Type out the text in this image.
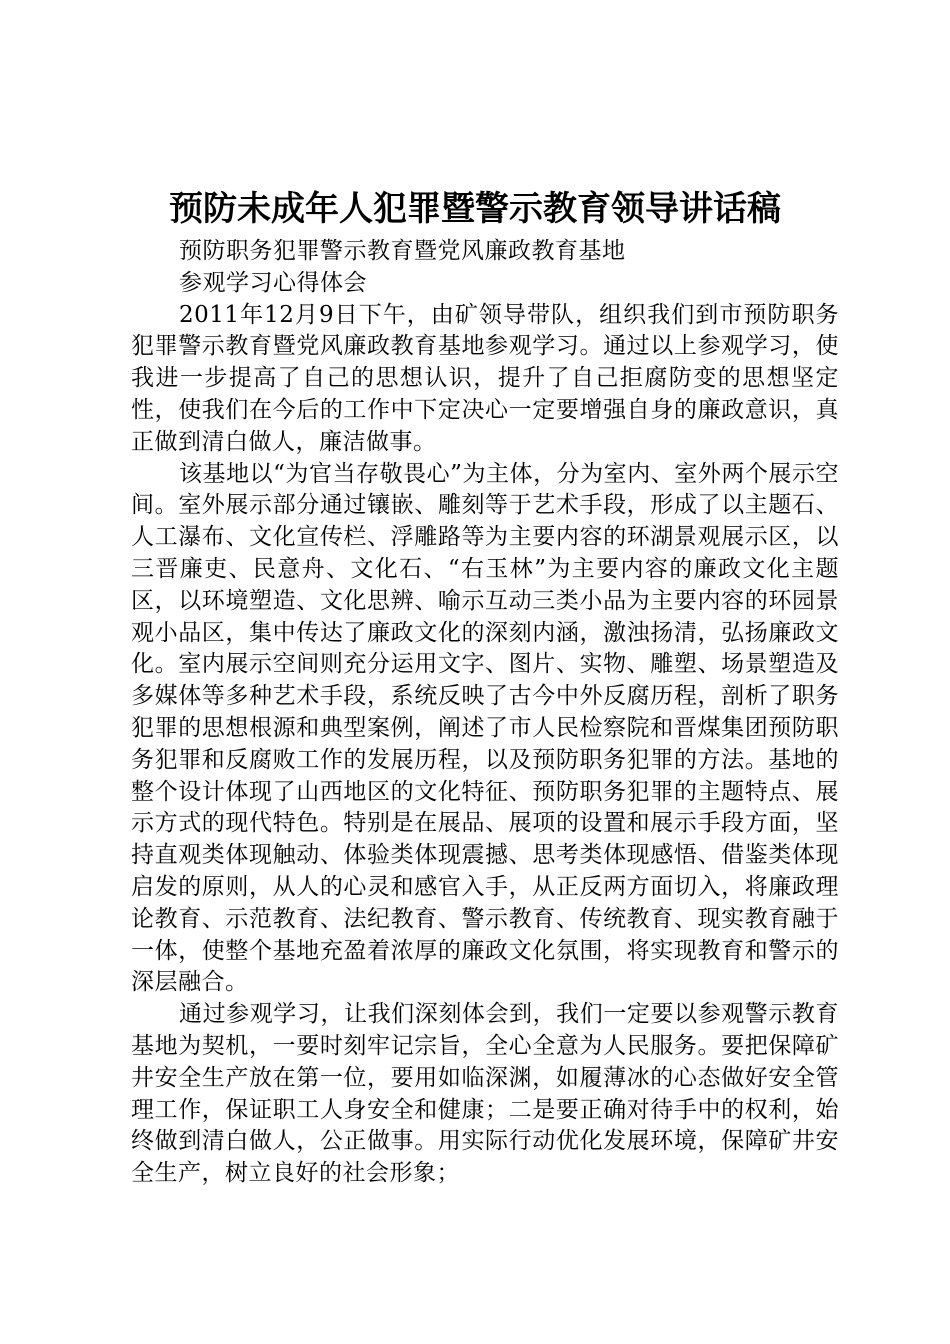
预防未成年人犯罪暨警示教育领导讲话稿
预防职务犯罪警示教育暨党风廉政教育基地
参观学习心得体会

2011年12月9日下午，由矿领导带队，组织我们到市预防职务犯罪警示教育暨党风廉政教育基地参观学习。通过以上参观学习，使我进一步提高了自己的思想认识，提升了自己拒腐防变的思想坚定性，使我们在今后的工作中下定决心一定要增强自身的廉政意识，真正做到清白做人，廉洁做事。

该基地以“为官当存敬畏心”为主体，分为室内、室外两个展示空间。室外展示部分通过镶嵌、雕刻等于艺术手段，形成了以主题石、人工瀑布、文化宣传栏、浮雕路等为主要内容的环湖景观展示区，以三晋廉吏、民意舟、文化石、“右玉林”为主要内容的廉政文化主题区，以环境塑造、文化思辨、喻示互动三类小品为主要内容的环园景观小品区，集中传达了廉政文化的深刻内涵，激浊扬清，弘扬廉政文化。室内展示空间则充分运用文字、图片、实物、雕塑、场景塑造及多媒体等多种艺术手段，系统反映了古今中外反腐历程，剖析了职务犯罪的思想根源和典型案例，阐述了市人民检察院和晋煤集团预防职务犯罪和反腐败工作的发展历程，以及预防职务犯罪的方法。基地的整个设计体现了山西地区的文化特征、预防职务犯罪的主题特点、展示方式的现代特色。特别是在展品、展项的设置和展示手段方面，坚持直观类体现触动、体验类体现震撼、思考类体现感悟、借鉴类体现启发的原则，从人的心灵和感官入手，从正反两方面切入，将廉政理论教育、示范教育、法纪教育、警示教育、传统教育、现实教育融于一体，使整个基地充盈着浓厚的廉政文化氛围，将实现教育和警示的深层融合。

通过参观学习，让我们深刻体会到，我们一定要以参观警示教育基地为契机，一要时刻牢记宗旨，全心全意为人民服务。要把保障矿井安全生产放在第一位，要用如临深渊，如履薄冰的心态做好安全管理工作，保证职工人身安全和健康；二是要正确对待手中的权利，始终做到清白做人，公正做事。用实际行动优化发展环境，保障矿井安全生产，树立良好的社会形象；
